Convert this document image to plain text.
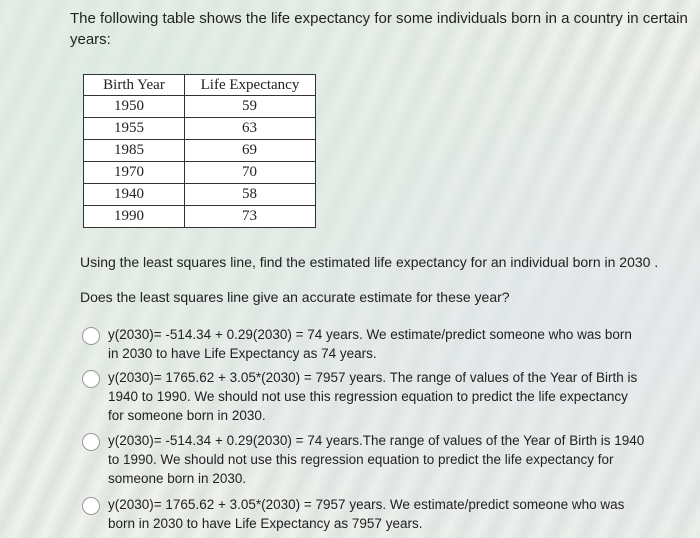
The following table shows the life expectancy for some individuals born in a country in certain
years:
Birth Year	Life Expectancy
1950	59
1955	63
1985	69
1970	70
1940	58
1990	73
Using the least squares line, find the estimated life expectancy for an individual born in 2030 .
Does the least squares line give an accurate estimate for these year?
y(2030)= -514.34 + 0.29(2030) = 74 years. We estimate/predict someone who was born
in 2030 to have Life Expectancy as 74 years.
y(2030)= 1765.62 + 3.05*(2030) = 7957 years. The range of values of the Year of Birth is
1940 to 1990. We should not use this regression equation to predict the life expectancy
for someone born in 2030.
y(2030)= -514.34 + 0.29(2030) = 74 years.The range of values of the Year of Birth is 1940
to 1990. We should not use this regression equation to predict the life expectancy for
someone born in 2030.
y(2030)= 1765.62 + 3.05*(2030) = 7957 years. We estimate/predict someone who was
born in 2030 to have Life Expectancy as 7957 years.
